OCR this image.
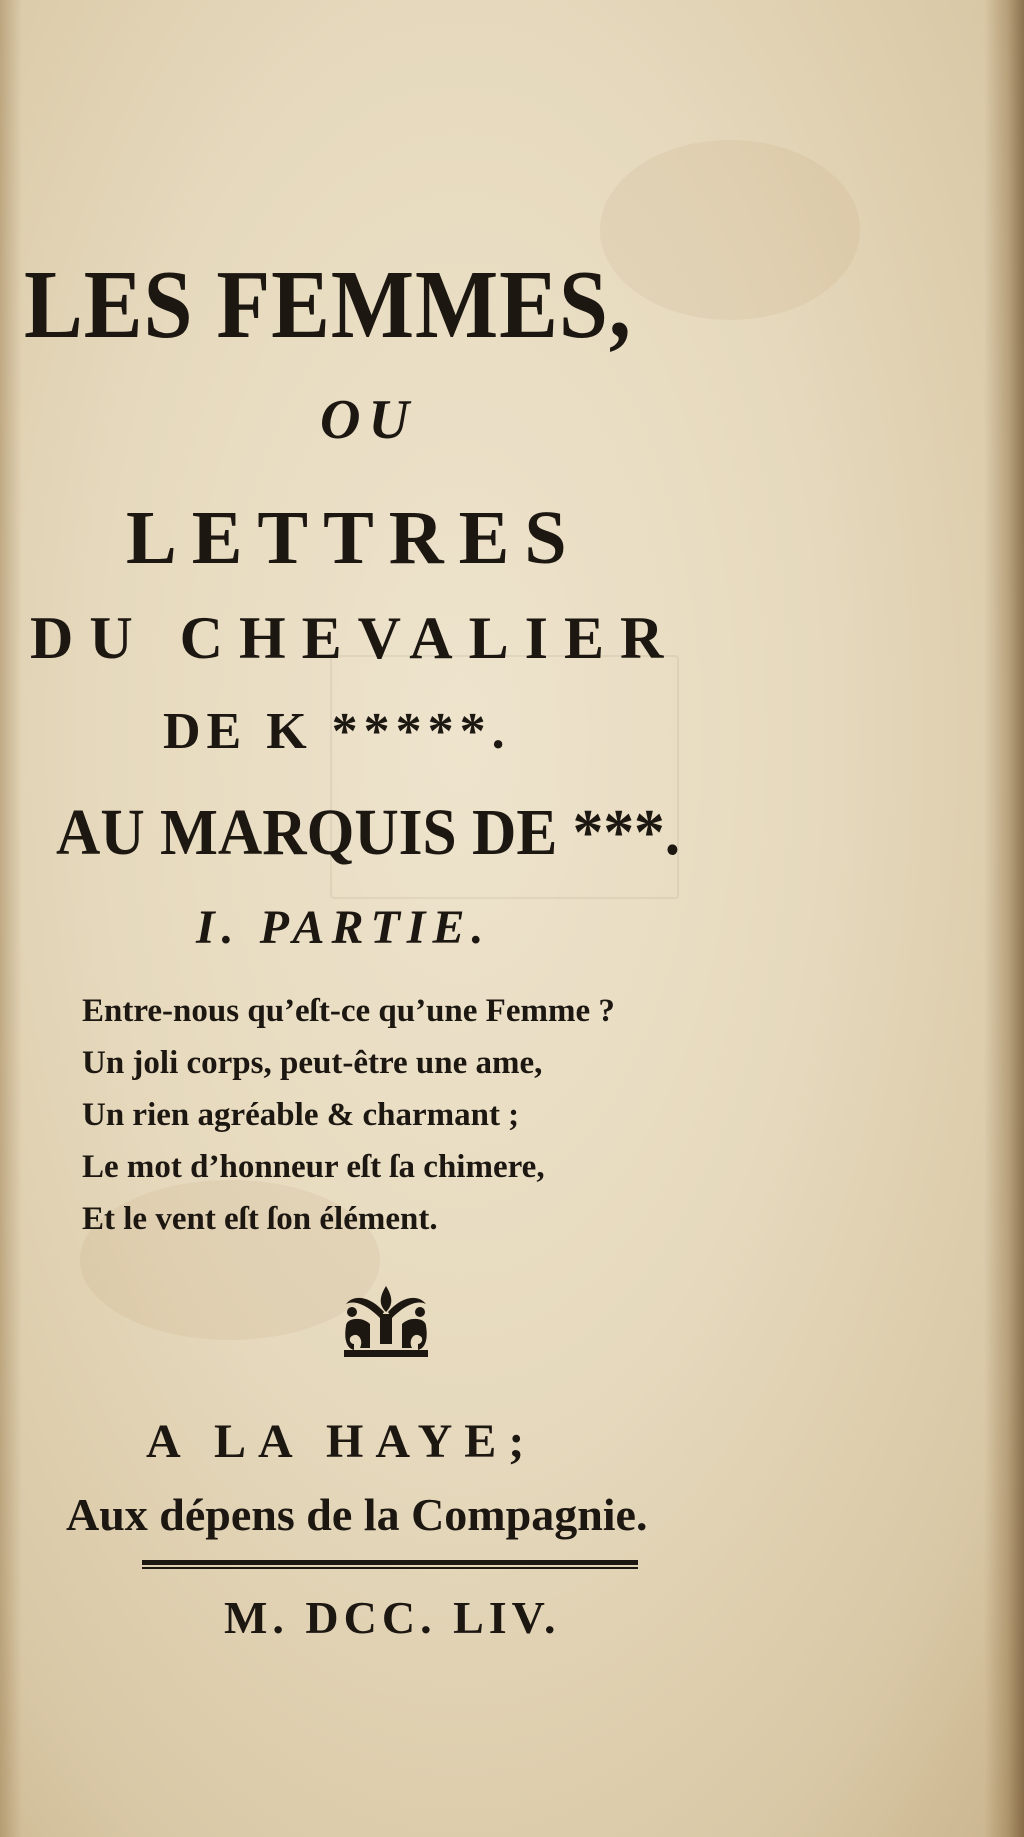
LES FEMMES,
OU
LETTRES
DU CHEVALIER
DE K *****.
AU MARQUIS DE ***.
I. PARTIE.
Entre-nous qu’eſt-ce qu’une Femme ?
Un joli corps, peut-être une ame,
Un rien agréable & charmant ;
Le mot d’honneur eſt ſa chimere,
Et le vent eſt ſon élément.
A LA HAYE;
Aux dépens de la Compagnie.
M. DCC. LIV.
